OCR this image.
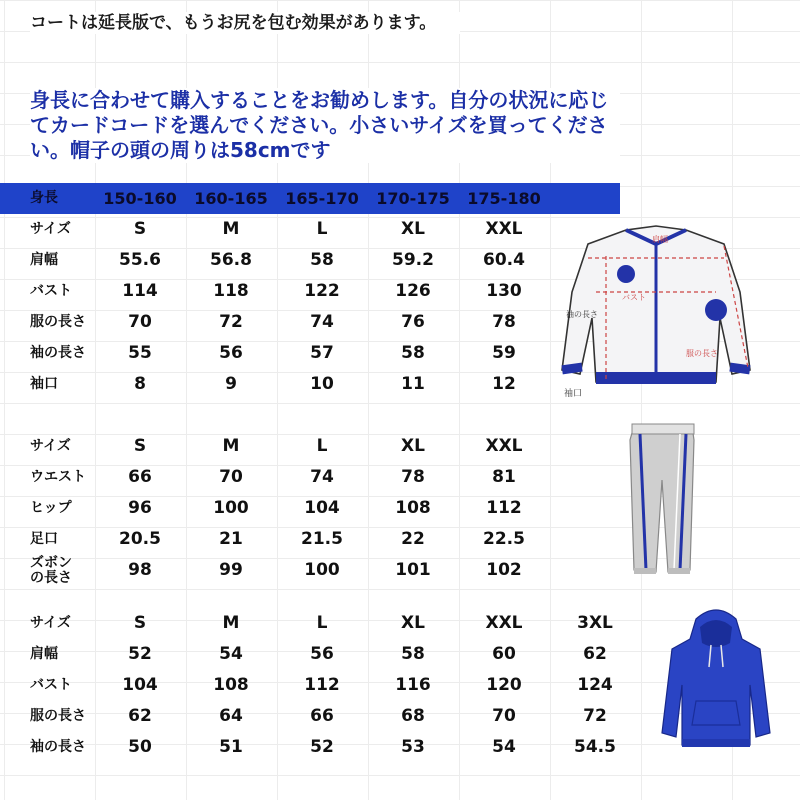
コートは延長版で、もうお尻を包む効果があります。
身長に合わせて購入することをお勧めします。自分の状況に応じてカードコードを選んでください。小さいサイズを買ってください。帽子の頭の周りは58cmです
身長	150-160	160-165	165-170	170-175	175-180
サイズ	S	M	L	XL	XXL
肩幅	55.6	56.8	58	59.2	60.4
バスト	114	118	122	126	130
服の長さ	70	72	74	76	78
袖の長さ	55	56	57	58	59
袖口	8	9	10	11	12
サイズ	S	M	L	XL	XXL
ウエスト	66	70	74	78	81
ヒップ	96	100	104	108	112
足口	20.5	21	21.5	22	22.5
ズボン
の長さ	98	99	100	101	102
サイズ	S	M	L	XL	XXL	3XL
肩幅	52	54	56	58	60	62
バスト	104	108	112	116	120	124
服の長さ	62	64	66	68	70	72
袖の長さ	50	51	52	53	54	54.5
肩幅
バスト
服の長さ
袖口
袖の長さ
